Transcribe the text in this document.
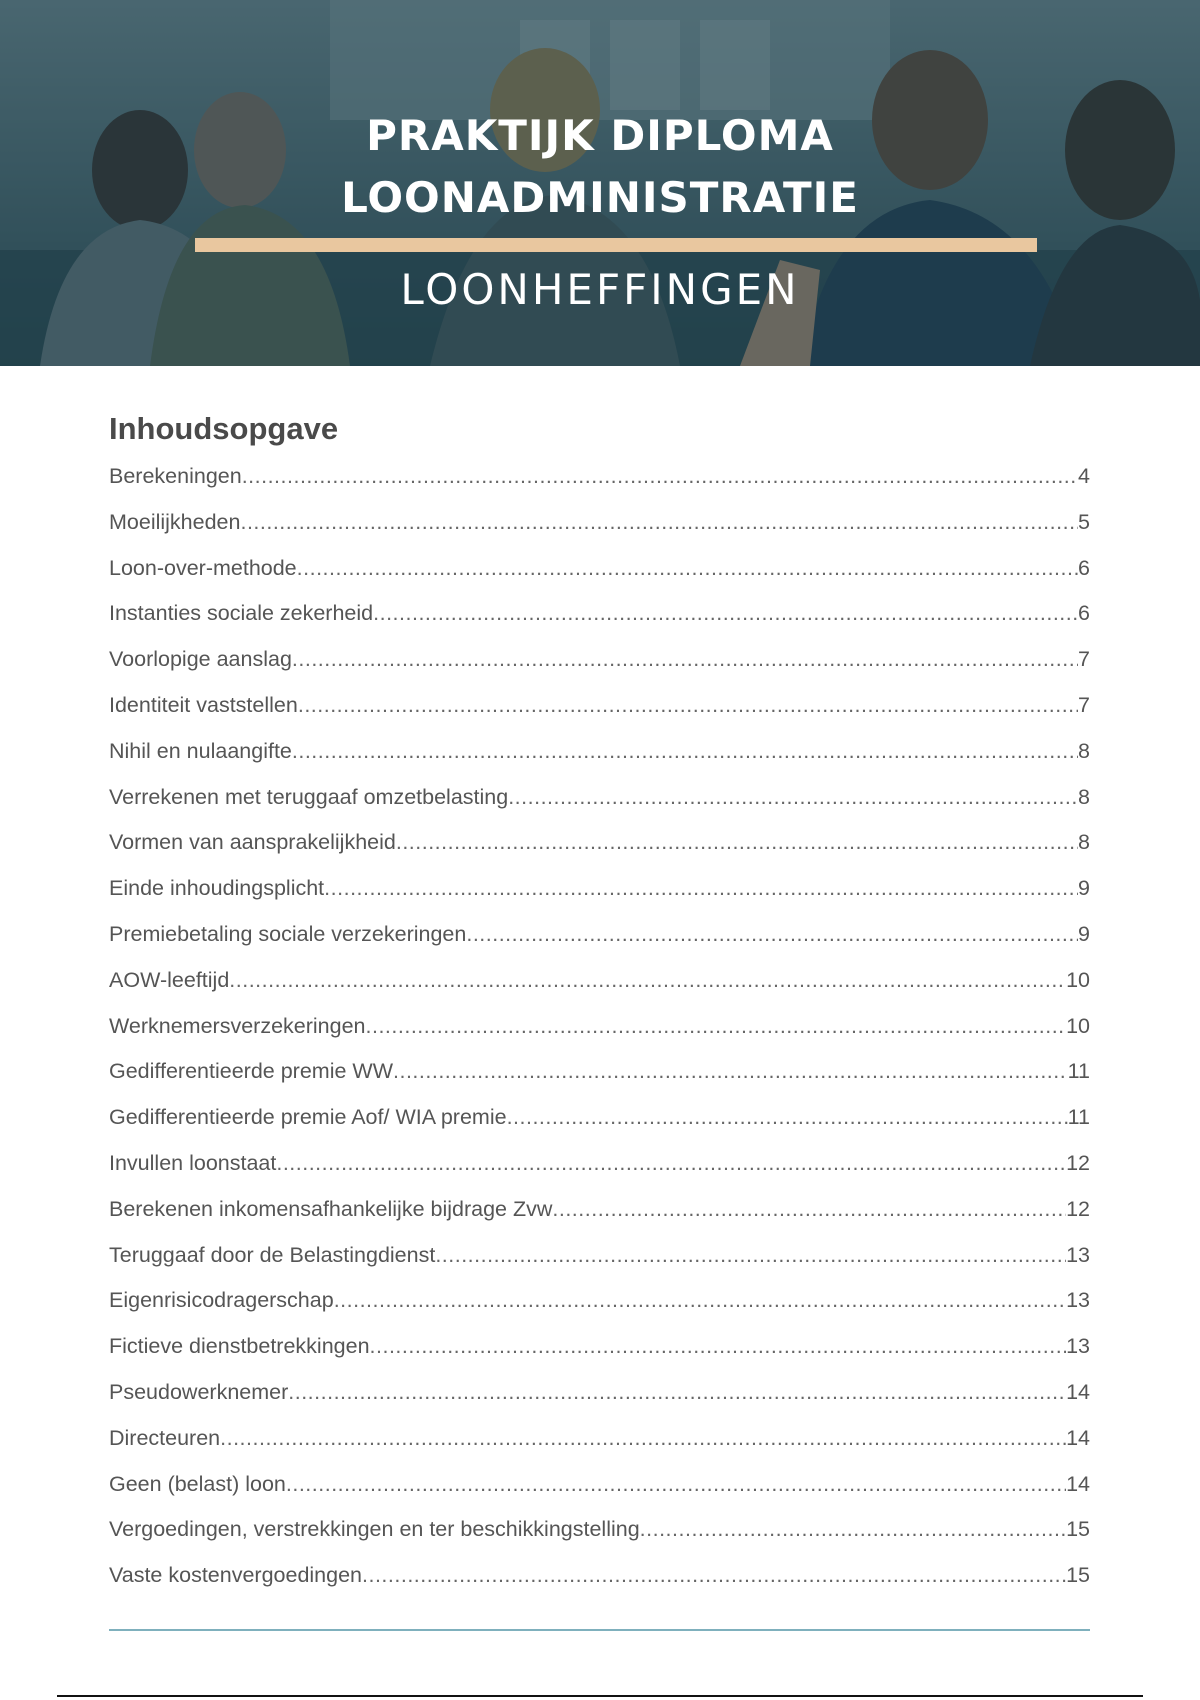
PRAKTIJK DIPLOMA
LOONADMINISTRATIE
LOONHEFFINGEN
Inhoudsopgave
Berekeningen .....	4
Moeilijkheden .....	5
Loon-over-methode .....	6
Instanties sociale zekerheid .....	6
Voorlopige aanslag .....	7
Identiteit vaststellen .....	7
Nihil en nulaangifte .....	8
Verrekenen met teruggaaf omzetbelasting .....	8
Vormen van aansprakelijkheid .....	8
Einde inhoudingsplicht .....	9
Premiebetaling sociale verzekeringen .....	9
AOW-leeftijd .....	10
Werknemersverzekeringen .....	10
Gedifferentieerde premie WW .....	11
Gedifferentieerde premie Aof/ WIA premie .....	11
Invullen loonstaat .....	12
Berekenen inkomensafhankelijke bijdrage Zvw .....	12
Teruggaaf door de Belastingdienst .....	13
Eigenrisicodragerschap .....	13
Fictieve dienstbetrekkingen .....	13
Pseudowerknemer .....	14
Directeuren .....	14
Geen (belast) loon .....	14
Vergoedingen, verstrekkingen en ter beschikkingstelling .....	15
Vaste kostenvergoedingen .....	15
